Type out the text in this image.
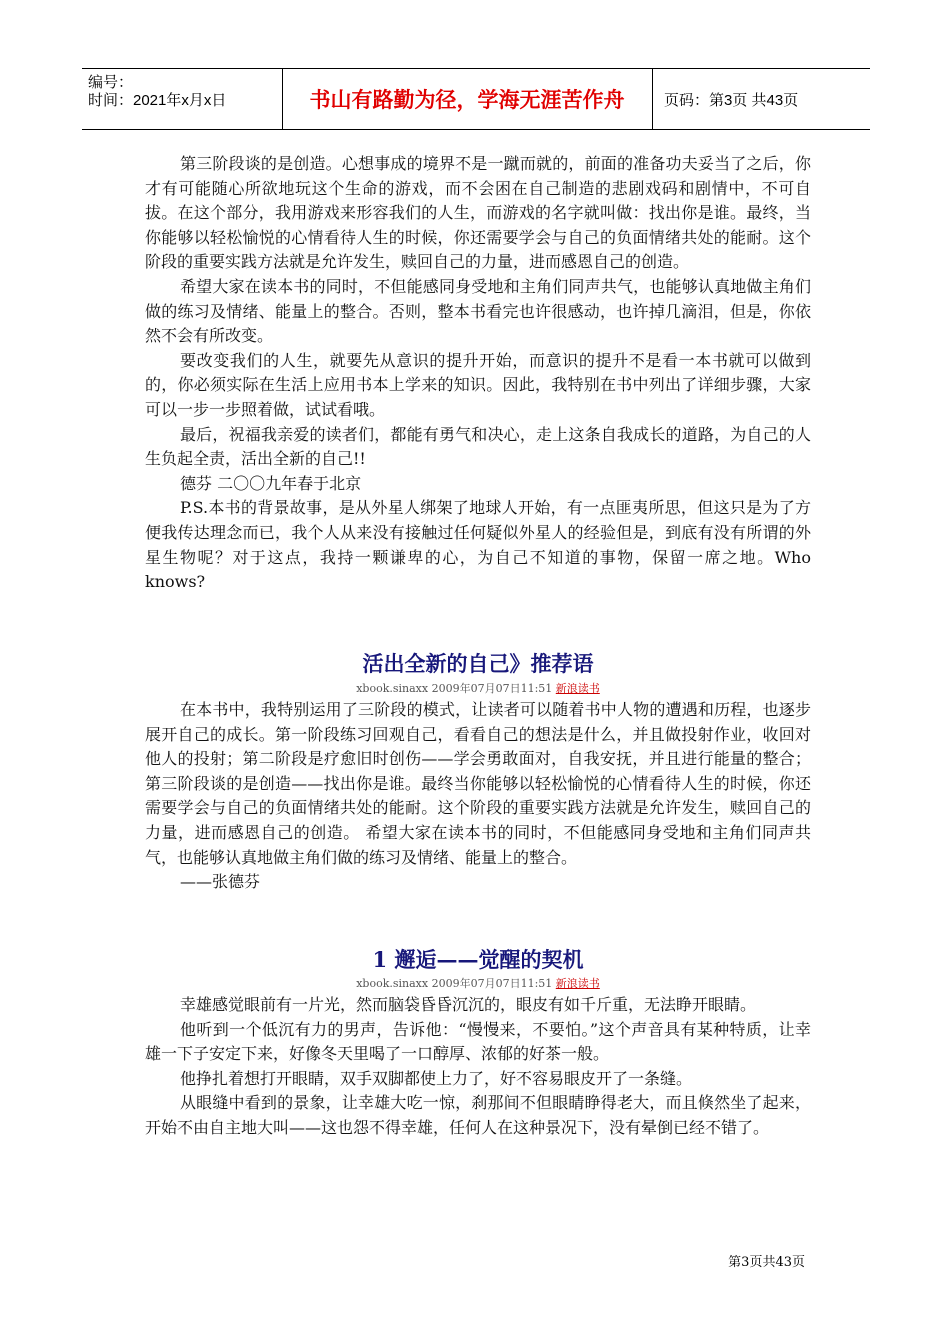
编号：
时间：2021年x月x日	书山有路勤为径，学海无涯苦作舟	页码：第3页 共43页

第三阶段谈的是创造。心想事成的境界不是一蹴而就的，前面的准备功夫妥当了之后，你才有可能随心所欲地玩这个生命的游戏，而不会困在自己制造的悲剧戏码和剧情中，不可自拔。在这个部分，我用游戏来形容我们的人生，而游戏的名字就叫做：找出你是谁。最终，当你能够以轻松愉悦的心情看待人生的时候，你还需要学会与自己的负面情绪共处的能耐。这个阶段的重要实践方法就是允许发生，赎回自己的力量，进而感恩自己的创造。

希望大家在读本书的同时，不但能感同身受地和主角们同声共气，也能够认真地做主角们做的练习及情绪、能量上的整合。否则，整本书看完也许很感动，也许掉几滴泪，但是，你依然不会有所改变。

要改变我们的人生，就要先从意识的提升开始，而意识的提升不是看一本书就可以做到的，你必须实际在生活上应用书本上学来的知识。因此，我特别在书中列出了详细步骤，大家可以一步一步照着做，试试看哦。

最后，祝福我亲爱的读者们，都能有勇气和决心，走上这条自我成长的道路，为自己的人生负起全责，活出全新的自己!!

德芬 二〇〇九年春于北京

P.S.本书的背景故事，是从外星人绑架了地球人开始，有一点匪夷所思，但这只是为了方便我传达理念而已，我个人从来没有接触过任何疑似外星人的经验但是，到底有没有所谓的外星生物呢？对于这点，我持一颗谦卑的心，为自己不知道的事物，保留一席之地。Who knows?

活出全新的自己》推荐语
xbook.sinaxx 2009年07月07日11:51 新浪读书

在本书中，我特别运用了三阶段的模式，让读者可以随着书中人物的遭遇和历程，也逐步展开自己的成长。第一阶段练习回观自己，看看自己的想法是什么，并且做投射作业，收回对他人的投射；第二阶段是疗愈旧时创伤——学会勇敢面对，自我安抚，并且进行能量的整合；第三阶段谈的是创造——找出你是谁。最终当你能够以轻松愉悦的心情看待人生的时候，你还需要学会与自己的负面情绪共处的能耐。这个阶段的重要实践方法就是允许发生，赎回自己的力量，进而感恩自己的创造。 希望大家在读本书的同时，不但能感同身受地和主角们同声共气，也能够认真地做主角们做的练习及情绪、能量上的整合。

——张德芬

1 邂逅——觉醒的契机
xbook.sinaxx 2009年07月07日11:51 新浪读书

幸雄感觉眼前有一片光，然而脑袋昏昏沉沉的，眼皮有如千斤重，无法睁开眼睛。

他听到一个低沉有力的男声，告诉他：“慢慢来，不要怕。”这个声音具有某种特质，让幸雄一下子安定下来，好像冬天里喝了一口醇厚、浓郁的好茶一般。

他挣扎着想打开眼睛，双手双脚都使上力了，好不容易眼皮开了一条缝。

从眼缝中看到的景象，让幸雄大吃一惊，刹那间不但眼睛睁得老大，而且倏然坐了起来，开始不由自主地大叫——这也怨不得幸雄，任何人在这种景况下，没有晕倒已经不错了。

第3页共43页
